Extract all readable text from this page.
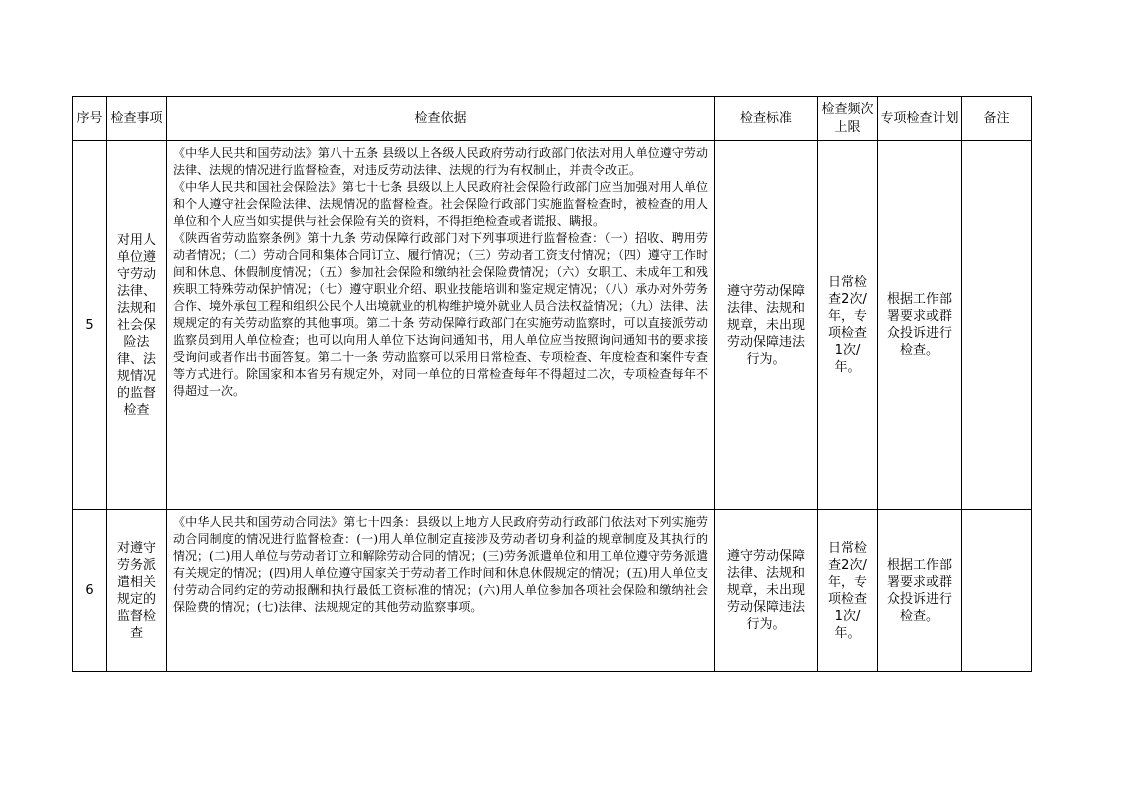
序号	检查事项	检查依据	检查标准	检查频次上限	专项检查计划	备注
5	对用人单位遵守劳动法律、法规和社会保险法律、法规情况的监督检查	《中华人民共和国劳动法》第八十五条 县级以上各级人民政府劳动行政部门依法对用人单位遵守劳动法律、法规的情况进行监督检查，对违反劳动法律、法规的行为有权制止，并责令改正。
《中华人民共和国社会保险法》第七十七条 县级以上人民政府社会保险行政部门应当加强对用人单位和个人遵守社会保险法律、法规情况的监督检查。社会保险行政部门实施监督检查时，被检查的用人单位和个人应当如实提供与社会保险有关的资料，不得拒绝检查或者谎报、瞒报。
《陕西省劳动监察条例》第十九条 劳动保障行政部门对下列事项进行监督检查：（一）招收、聘用劳动者情况；（二）劳动合同和集体合同订立、履行情况；（三）劳动者工资支付情况；（四）遵守工作时间和休息、休假制度情况；（五）参加社会保险和缴纳社会保险费情况；（六）女职工、未成年工和残疾职工特殊劳动保护情况；（七）遵守职业介绍、职业技能培训和鉴定规定情况；（八）承办对外劳务合作、境外承包工程和组织公民个人出境就业的机构维护境外就业人员合法权益情况；（九）法律、法规规定的有关劳动监察的其他事项。第二十条 劳动保障行政部门在实施劳动监察时，可以直接派劳动监察员到用人单位检查；也可以向用人单位下达询问通知书，用人单位应当按照询问通知书的要求接受询问或者作出书面答复。第二十一条 劳动监察可以采用日常检查、专项检查、年度检查和案件专查等方式进行。除国家和本省另有规定外，对同一单位的日常检查每年不得超过二次，专项检查每年不得超过一次。	遵守劳动保障法律、法规和规章，未出现劳动保障违法行为。	日常检查2次/年，专项检查1次/年。	根据工作部署要求或群众投诉进行检查。	
6	对遵守劳务派遣相关规定的监督检查	《中华人民共和国劳动合同法》第七十四条：县级以上地方人民政府劳动行政部门依法对下列实施劳动合同制度的情况进行监督检查：(一)用人单位制定直接涉及劳动者切身利益的规章制度及其执行的情况；(二)用人单位与劳动者订立和解除劳动合同的情况；(三)劳务派遣单位和用工单位遵守劳务派遣有关规定的情况；(四)用人单位遵守国家关于劳动者工作时间和休息休假规定的情况；(五)用人单位支付劳动合同约定的劳动报酬和执行最低工资标准的情况；(六)用人单位参加各项社会保险和缴纳社会保险费的情况；(七)法律、法规规定的其他劳动监察事项。	遵守劳动保障法律、法规和规章，未出现劳动保障违法行为。	日常检查2次/年，专项检查1次/年。	根据工作部署要求或群众投诉进行检查。	
